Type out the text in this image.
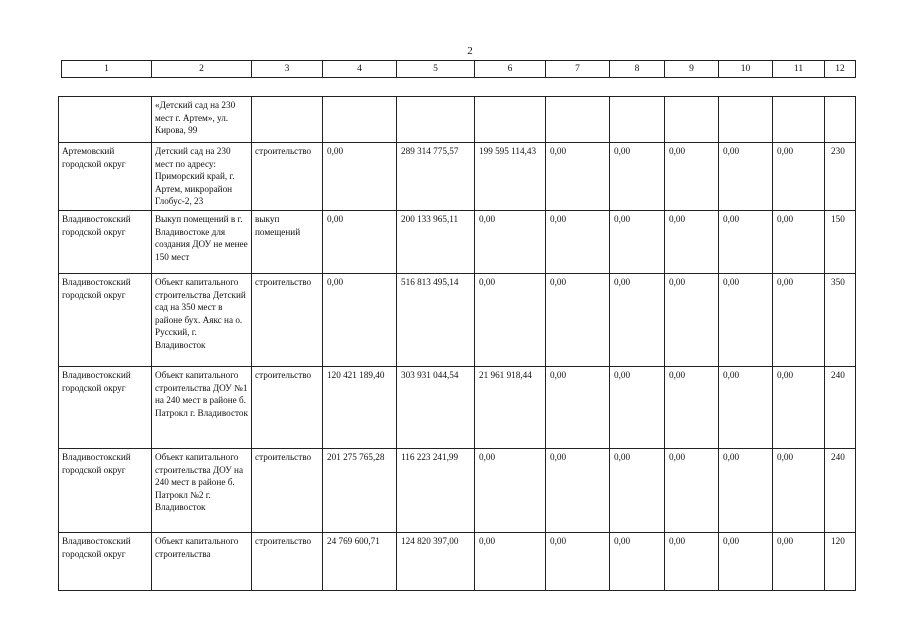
2
1	2	3	4	5	6	7	8	9	10	11	12
	«Детский сад на 230 мест г. Артем», ул. Кирова, 99										
Артемовский городской округ	Детский сад на 230 мест по адресу: Приморский край, г. Артем, микрорайон Глобус-2, 23	строительство	0,00	289 314 775,57	199 595 114,43	0,00	0,00	0,00	0,00	0,00	230
Владивостокский городской округ	Выкуп помещений в г. Владивостоке для создания ДОУ не менее 150 мест	выкуп помещений	0,00	200 133 965,11	0,00	0,00	0,00	0,00	0,00	0,00	150
Владивостокский городской округ	Объект капитального строительства Детский сад на 350 мест в районе бух. Аякс на о. Русский, г. Владивосток	строительство	0,00	516 813 495,14	0,00	0,00	0,00	0,00	0,00	0,00	350
Владивостокский городской округ	Объект капитального строительства ДОУ №1 на 240 мест в районе б. Патрокл г. Владивосток	строительство	120 421 189,40	303 931 044,54	21 961 918,44	0,00	0,00	0,00	0,00	0,00	240
Владивостокский городской округ	Объект капитального строительства ДОУ на 240 мест в районе б. Патрокл №2 г. Владивосток	строительство	201 275 765,28	116 223 241,99	0,00	0,00	0,00	0,00	0,00	0,00	240
Владивостокский городской округ	Объект капитального строительства	строительство	24 769 600,71	124 820 397,00	0,00	0,00	0,00	0,00	0,00	0,00	120
